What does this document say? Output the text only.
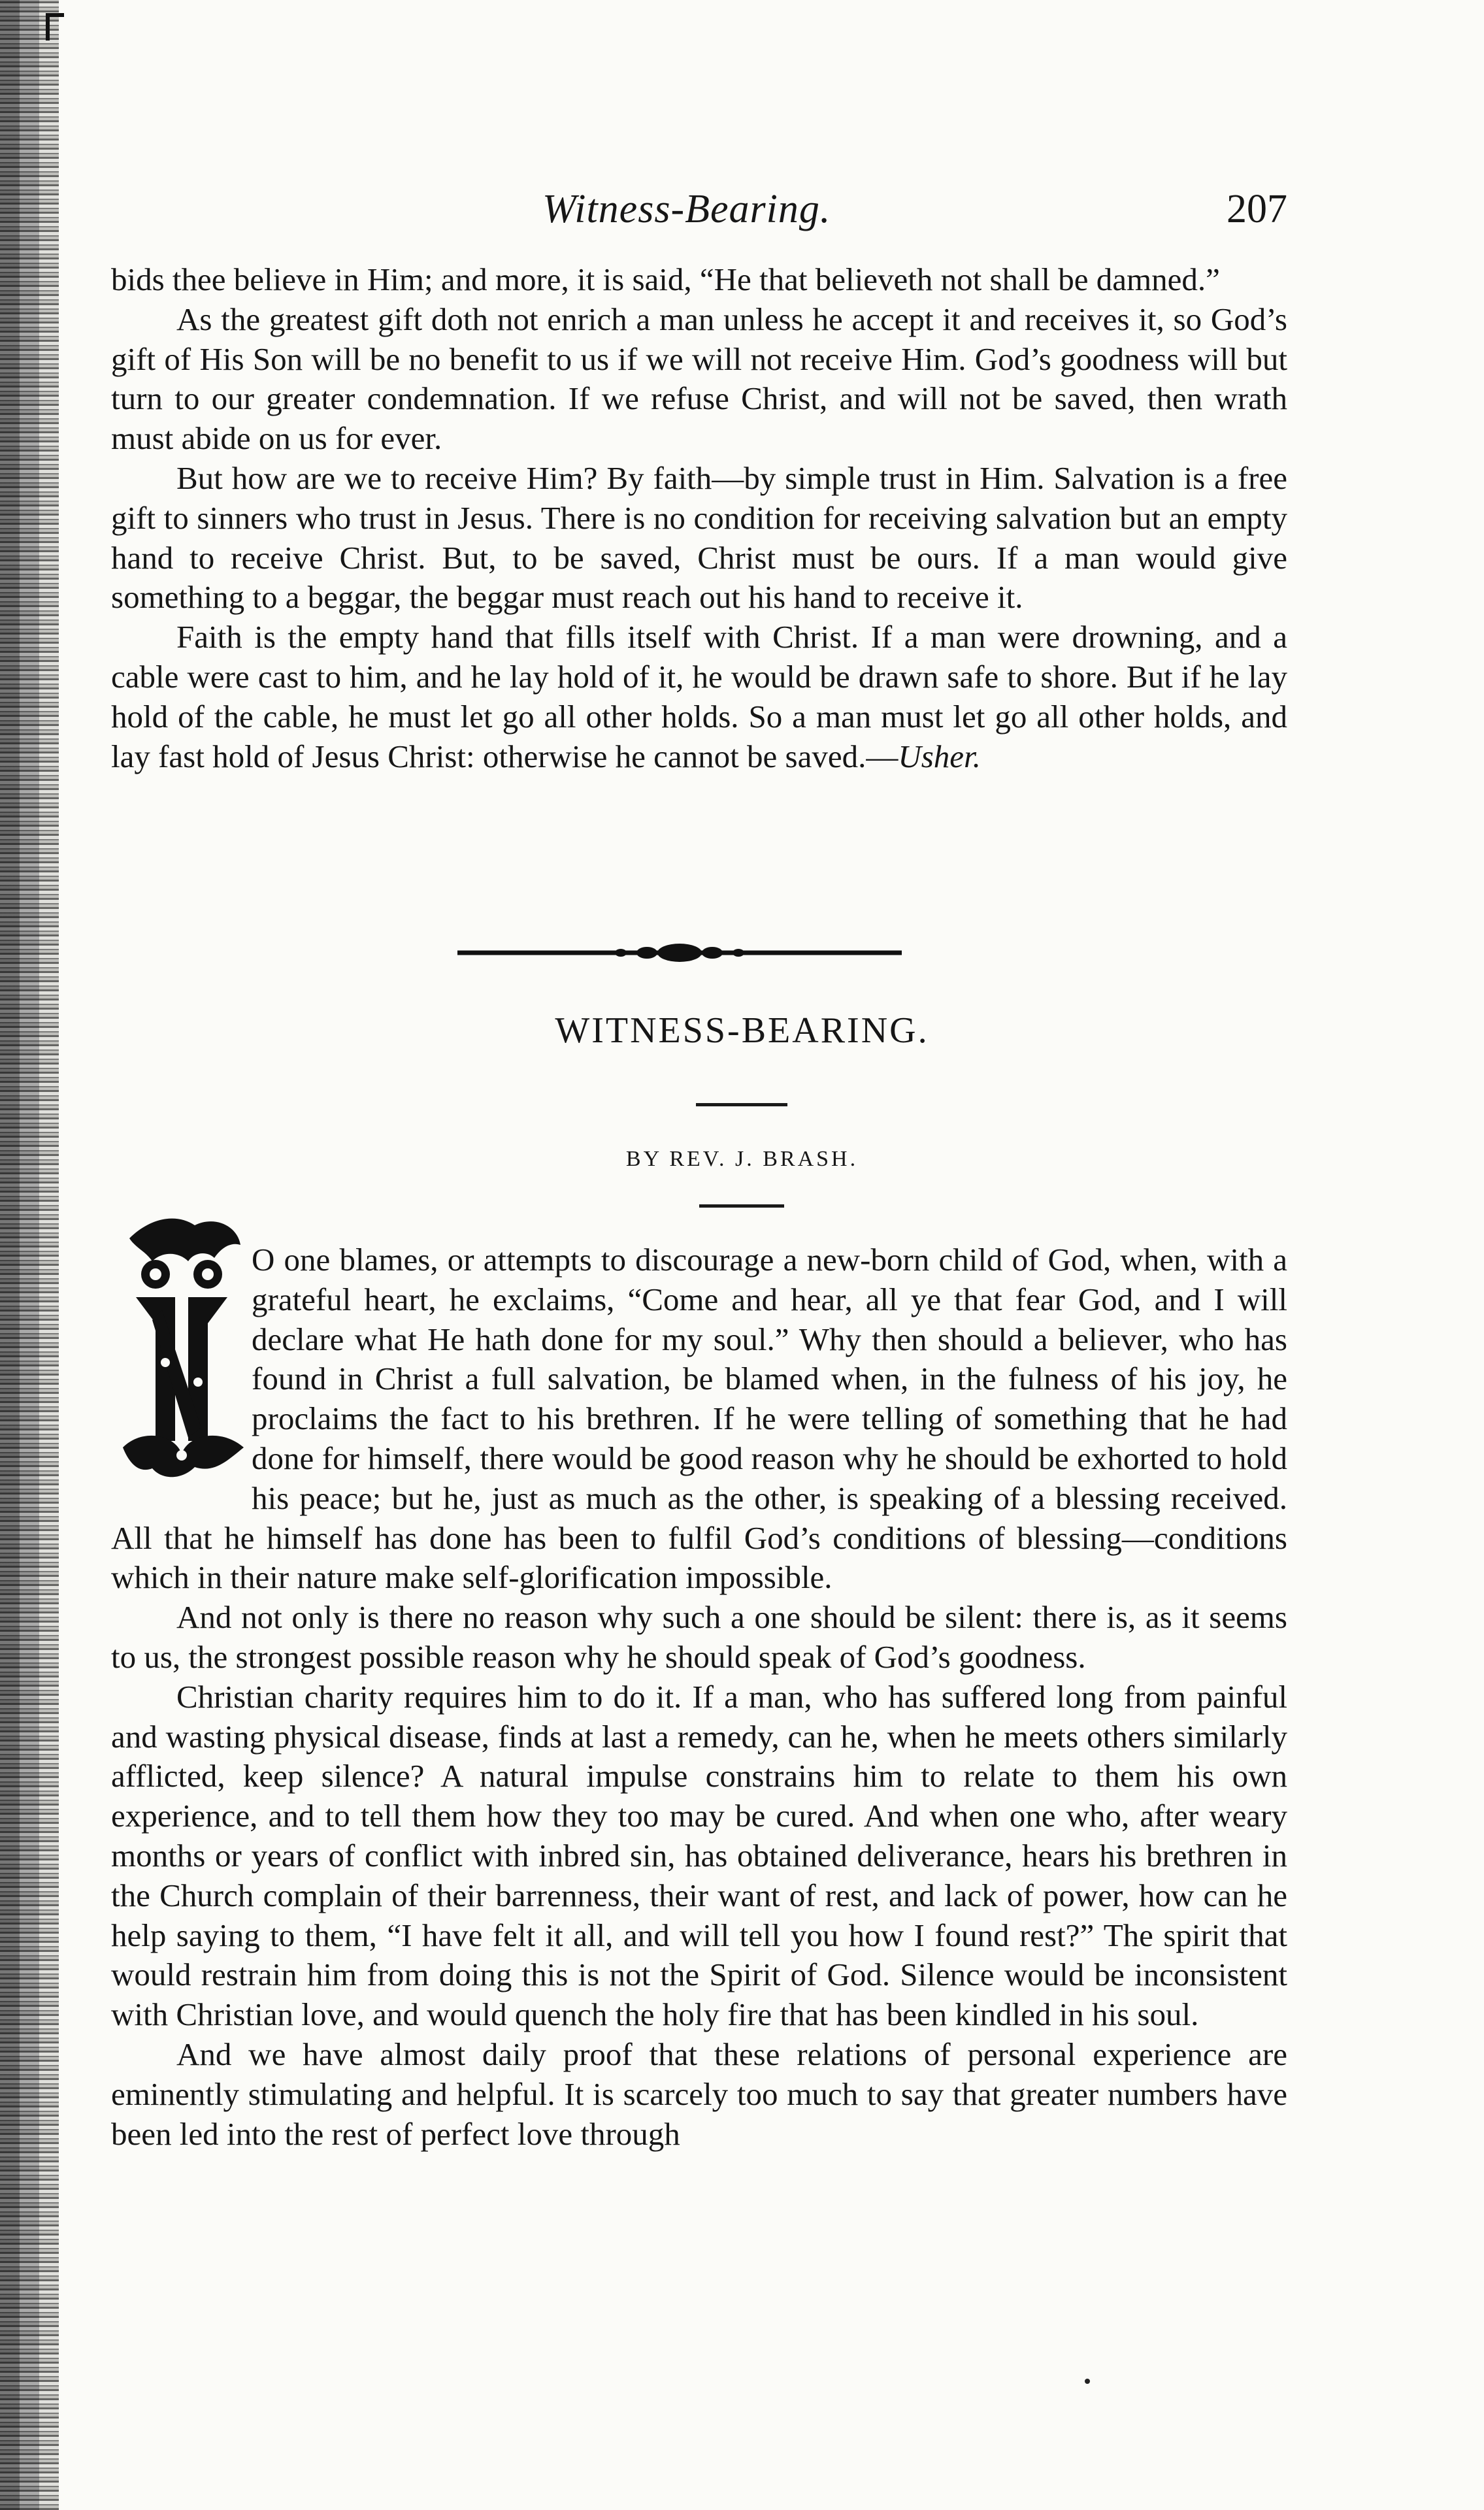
Witness-Bearing.	207

bids thee believe in Him; and more, it is said, “He that believeth not shall be damned.”

As the greatest gift doth not enrich a man unless he accept it and receives it, so God’s gift of His Son will be no benefit to us if we will not receive Him. God’s goodness will but turn to our greater condemnation. If we refuse Christ, and will not be saved, then wrath must abide on us for ever.

But how are we to receive Him? By faith—by simple trust in Him. Salvation is a free gift to sinners who trust in Jesus. There is no condition for receiving salvation but an empty hand to receive Christ. But, to be saved, Christ must be ours. If a man would give something to a beggar, the beggar must reach out his hand to receive it.

Faith is the empty hand that fills itself with Christ. If a man were drowning, and a cable were cast to him, and he lay hold of it, he would be drawn safe to shore. But if he lay hold of the cable, he must let go all other holds. So a man must let go all other holds, and lay fast hold of Jesus Christ: otherwise he cannot be saved.—Usher.

WITNESS-BEARING.
BY REV. J. BRASH.

O one blames, or attempts to discourage a new-born child of God, when, with a grateful heart, he exclaims, “Come and hear, all ye that fear God, and I will declare what He hath done for my soul.” Why then should a believer, who has found in Christ a full salvation, be blamed when, in the fulness of his joy, he proclaims the fact to his brethren. If he were telling of something that he had done for himself, there would be good reason why he should be exhorted to hold his peace; but he, just as much as the other, is speaking of a blessing received. All that he himself has done has been to fulfil God’s conditions of blessing—conditions which in their nature make self-glorification impossible.

And not only is there no reason why such a one should be silent: there is, as it seems to us, the strongest possible reason why he should speak of God’s goodness.

Christian charity requires him to do it. If a man, who has suffered long from painful and wasting physical disease, finds at last a remedy, can he, when he meets others similarly afflicted, keep silence? A natural impulse constrains him to relate to them his own experience, and to tell them how they too may be cured. And when one who, after weary months or years of conflict with inbred sin, has obtained deliverance, hears his brethren in the Church complain of their barrenness, their want of rest, and lack of power, how can he help saying to them, “I have felt it all, and will tell you how I found rest?” The spirit that would restrain him from doing this is not the Spirit of God. Silence would be inconsistent with Christian love, and would quench the holy fire that has been kindled in his soul.

And we have almost daily proof that these relations of personal experience are eminently stimulating and helpful. It is scarcely too much to say that greater numbers have been led into the rest of perfect love through
